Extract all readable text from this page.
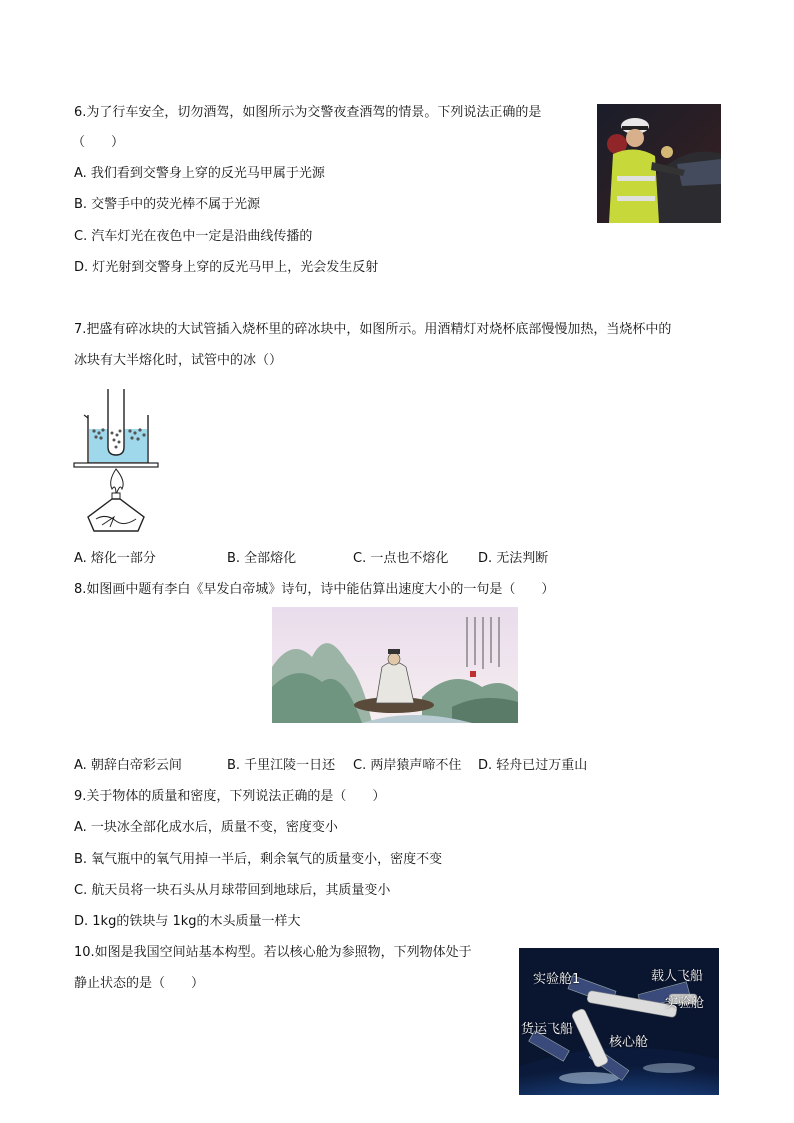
6.为了行车安全，切勿酒驾，如图所示为交警夜查酒驾的情景。下列说法正确的是
（　　）
A. 我们看到交警身上穿的反光马甲属于光源
B. 交警手中的荧光棒不属于光源
C. 汽车灯光在夜色中一定是沿曲线传播的
D. 灯光射到交警身上穿的反光马甲上，光会发生反射
7.把盛有碎冰块的大试管插入烧杯里的碎冰块中，如图所示。用酒精灯对烧杯底部慢慢加热，当烧杯中的
冰块有大半熔化时，试管中的冰（）
A. 熔化一部分	B. 全部熔化	C. 一点也不熔化 D. 无法判断
8.如图画中题有李白《早发白帝城》诗句，诗中能估算出速度大小的一句是（　　）
A. 朝辞白帝彩云间	B. 千里江陵一日还 C. 两岸猿声啼不住 D. 轻舟已过万重山
9.关于物体的质量和密度，下列说法正确的是（　　）
A. 一块冰全部化成水后，质量不变，密度变小
B. 氧气瓶中的氧气用掉一半后，剩余氧气的质量变小，密度不变
C. 航天员将一块石头从月球带回到地球后，其质量变小
D. 1kg的铁块与 1kg的木头质量一样大
10.如图是我国空间站基本构型。若以核心舱为参照物，下列物体处于
静止状态的是（　　）	实验舱1	载人飞船
实验舱
货运飞船
核心舱
